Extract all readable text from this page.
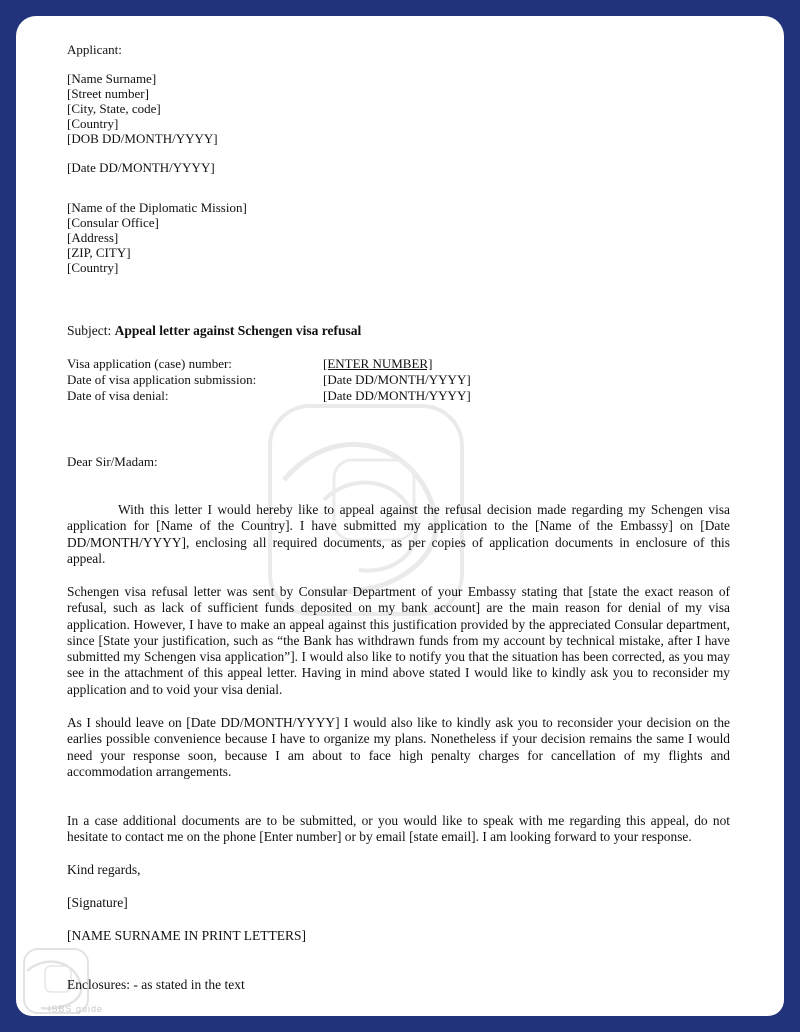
Applicant:
[Name Surname]
[Street number]
[City, State, code]
[Country]
[DOB DD/MONTH/YYYY]
[Date DD/MONTH/YYYY]
[Name of the Diplomatic Mission]
[Consular Office]
[Address]
[ZIP, CITY]
[Country]
Subject: Appeal letter against Schengen visa refusal
Visa application (case) number:	[ENTER NUMBER]
Date of visa application submission:	[Date DD/MONTH/YYYY]
Date of visa denial:	[Date DD/MONTH/YYYY]
Dear Sir/Madam:
With this letter I would hereby like to appeal against the refusal decision made regarding my Schengen visa application for [Name of the Country]. I have submitted my application to the [Name of the Embassy] on [Date DD/MONTH/YYYY], enclosing all required documents, as per copies of application documents in enclosure of this appeal.
Schengen visa refusal letter was sent by Consular Department of your Embassy stating that [state the exact reason of refusal, such as lack of sufficient funds deposited on my bank account] are the main reason for denial of my visa application. However, I have to make an appeal against this justification provided by the appreciated Consular department, since [State your justification, such as “the Bank has withdrawn funds from my account by technical mistake, after I have submitted my Schengen visa application”]. I would also like to notify you that the situation has been corrected, as you may see in the attachment of this appeal letter. Having in mind above stated I would like to kindly ask you to reconsider my application and to void your visa denial.
As I should leave on [Date DD/MONTH/YYYY] I would also like to kindly ask you to reconsider your decision on the earlies possible convenience because I have to organize my plans. Nonetheless if your decision remains the same I would need your response soon, because I am about to face high penalty charges for cancellation of my flights and accommodation arrangements.
In a case additional documents are to be submitted, or you would like to speak with me regarding this appeal, do not hesitate to contact me on the phone [Enter number] or by email [state email]. I am looking forward to your response.
Kind regards,
[Signature]
[NAME SURNAME IN PRINT LETTERS]
Enclosures: - as stated in the text
ISBS guide
